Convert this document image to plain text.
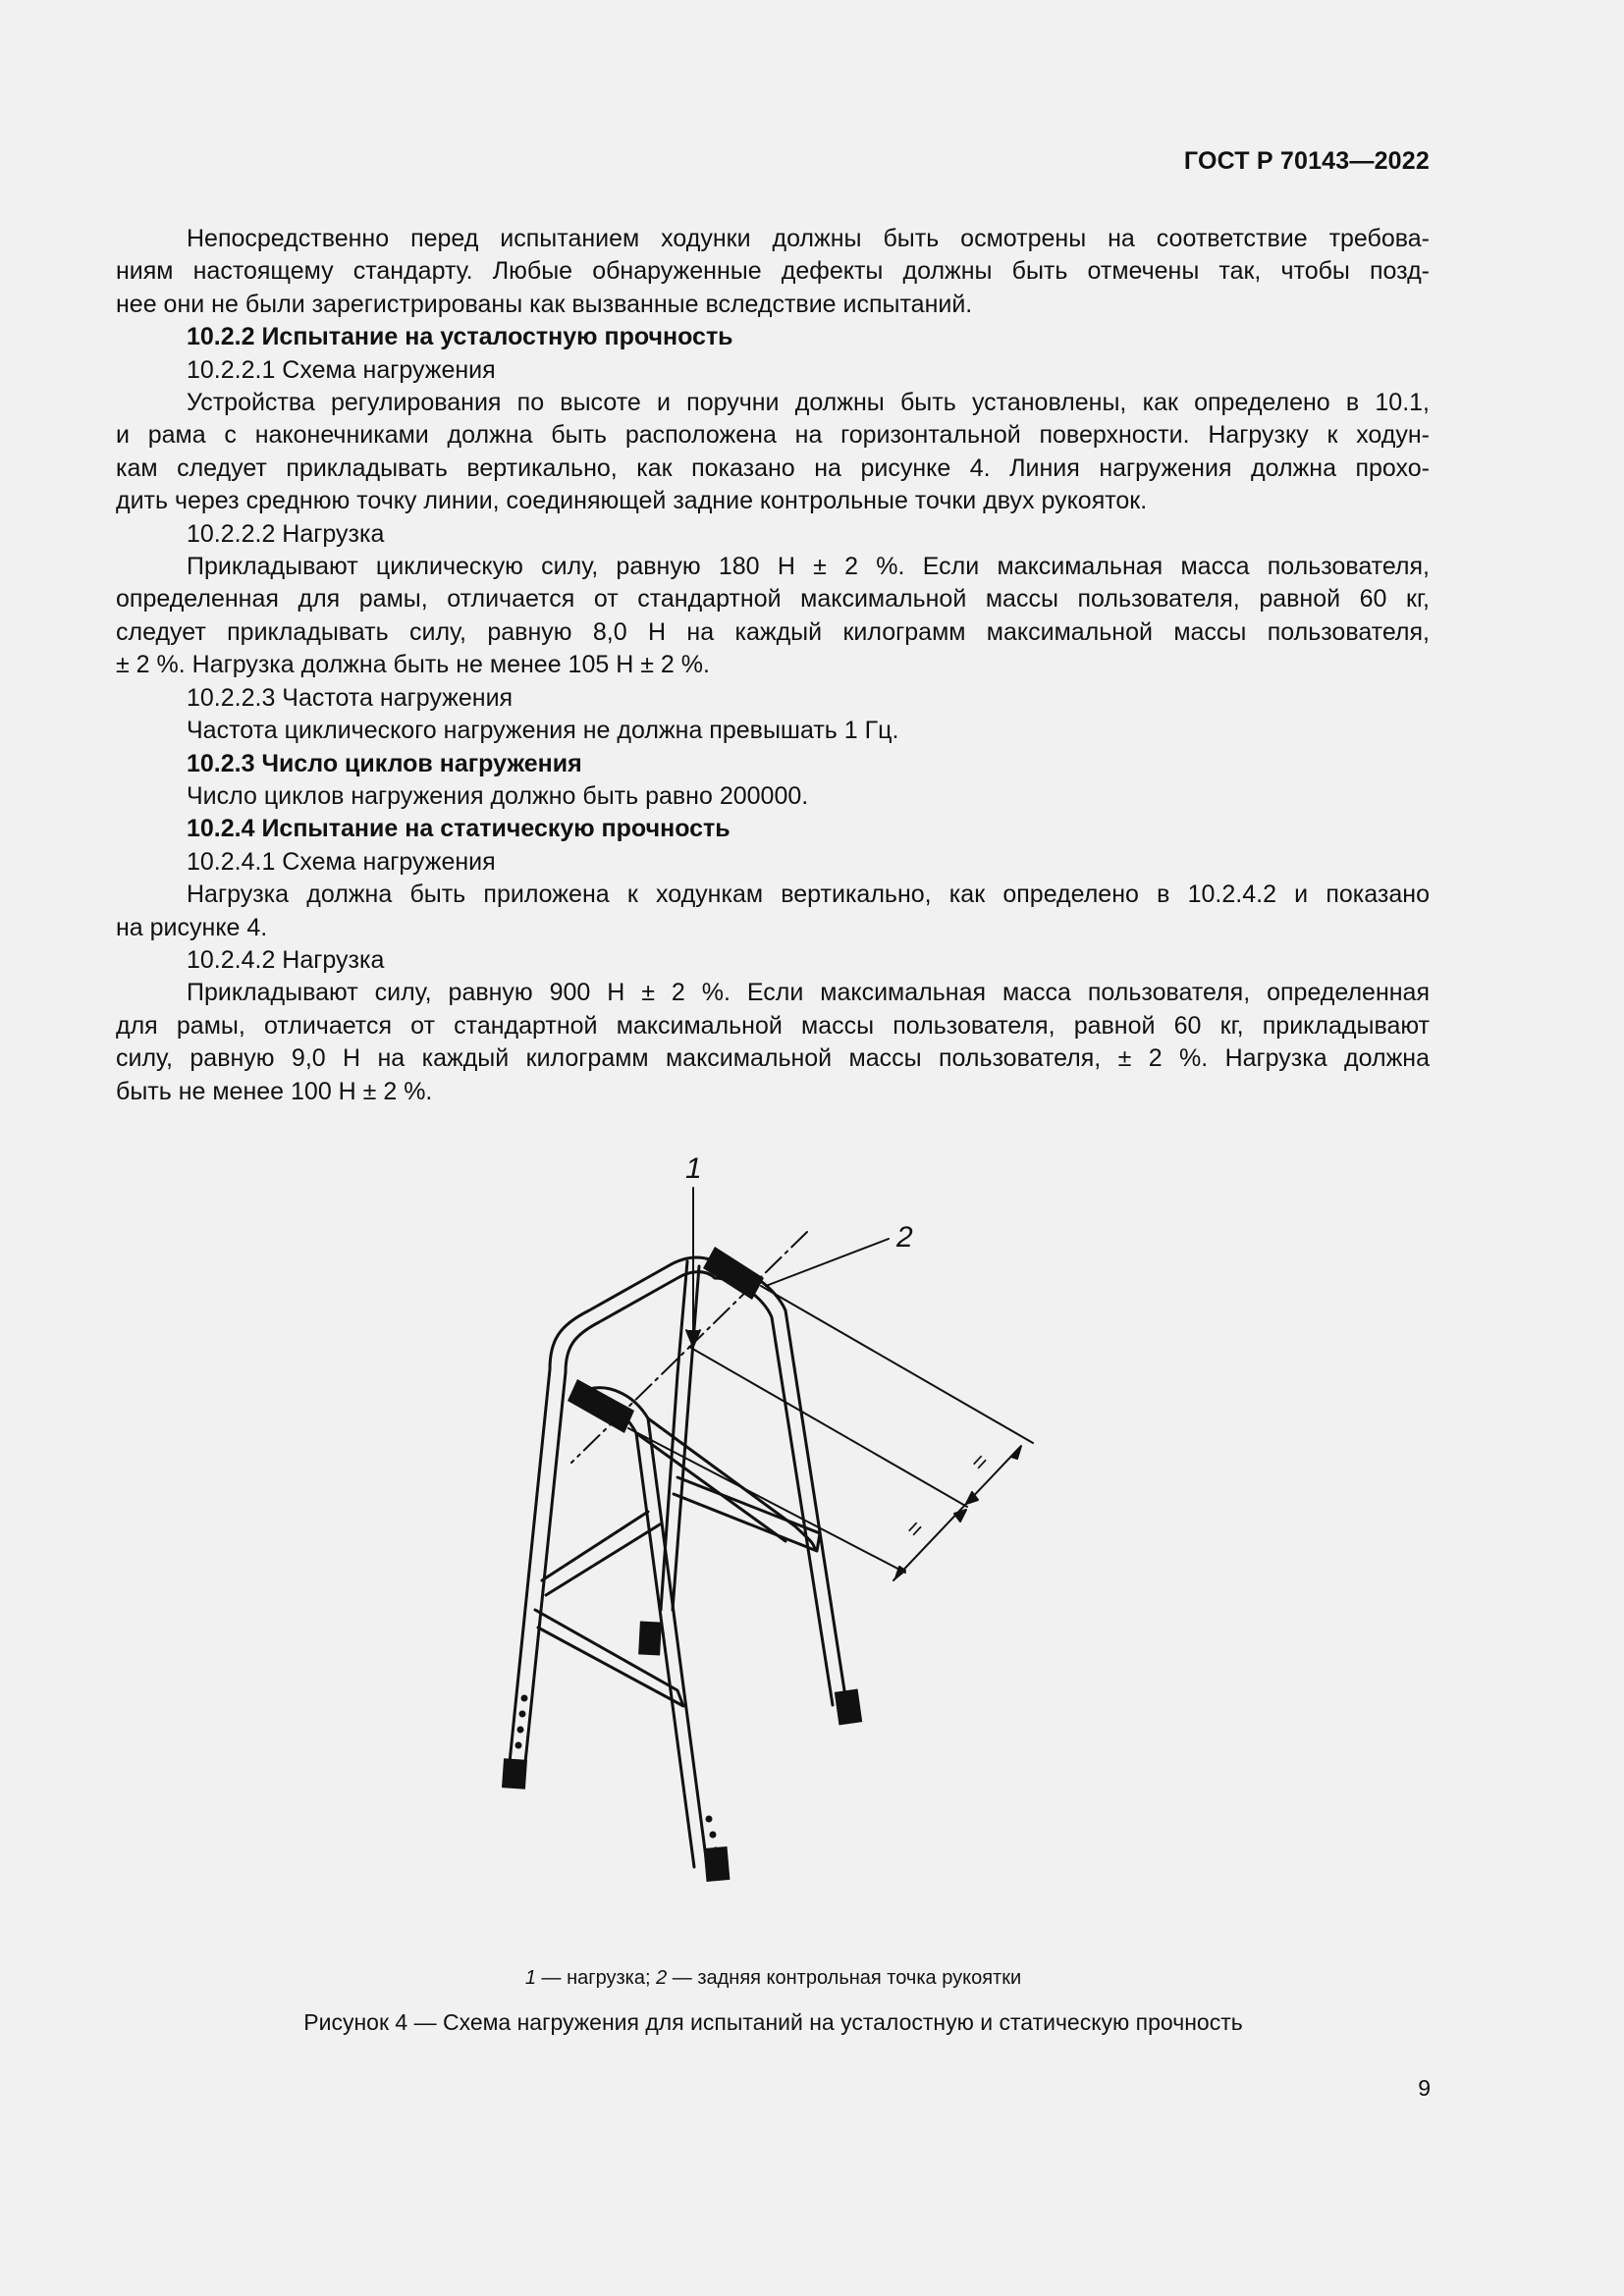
ГОСТ Р 70143—2022

Непосредственно перед испытанием ходунки должны быть осмотрены на соответствие требова-

ниям настоящему стандарту. Любые обнаруженные дефекты должны быть отмечены так, чтобы позд-

нее они не были зарегистрированы как вызванные вследствие испытаний.

10.2.2 Испытание на усталостную прочность

10.2.2.1 Схема нагружения

Устройства регулирования по высоте и поручни должны быть установлены, как определено в 10.1,

и рама с наконечниками должна быть расположена на горизонтальной поверхности. Нагрузку к ходун-

кам следует прикладывать вертикально, как показано на рисунке 4. Линия нагружения должна прохо-

дить через среднюю точку линии, соединяющей задние контрольные точки двух рукояток.

10.2.2.2 Нагрузка

Прикладывают циклическую силу, равную 180 Н ± 2 %. Если максимальная масса пользователя,

определенная для рамы, отличается от стандартной максимальной массы пользователя, равной 60 кг,

следует прикладывать силу, равную 8,0 Н на каждый килограмм максимальной массы пользователя,

± 2 %. Нагрузка должна быть не менее 105 Н ± 2 %.

10.2.2.3 Частота нагружения

Частота циклического нагружения не должна превышать 1 Гц.

10.2.3 Число циклов нагружения

Число циклов нагружения должно быть равно 200000.

10.2.4 Испытание на статическую прочность

10.2.4.1 Схема нагружения

Нагрузка должна быть приложена к ходункам вертикально, как определено в 10.2.4.2 и показано

на рисунке 4.

10.2.4.2 Нагрузка

Прикладывают силу, равную 900 Н ± 2 %. Если максимальная масса пользователя, определенная

для рамы, отличается от стандартной максимальной массы пользователя, равной 60 кг, прикладывают

силу, равную 9,0 Н на каждый килограмм максимальной массы пользователя, ± 2 %. Нагрузка должна

быть не менее 100 Н ± 2 %.

1
2
=
=
1 — нагрузка; 2 — задняя контрольная точка рукоятки
Рисунок 4 — Схема нагружения для испытаний на усталостную и статическую прочность
9
